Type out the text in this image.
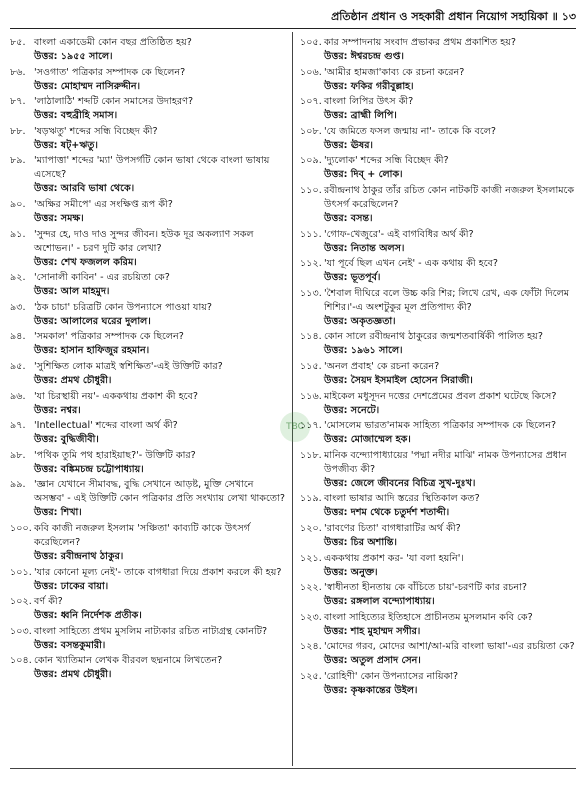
প্রতিষ্ঠান প্রধান ও সহকারী প্রধান নিয়োগ সহায়িকা ॥ ১৩
৮৫. বাংলা একাডেমী কোন বছর প্রতিষ্ঠিত হয়?
উত্তর: ১৯৫৫ সালে।
৮৬. 'সওগাত' পত্রিকার সম্পাদক কে ছিলেন?
উত্তর: মোহাম্মদ নাসিরুদ্দীন।
৮৭. 'লাঠালাঠি' শব্দটি কোন সমাসের উদাহরণ?
উত্তর: বহুব্রীহি সমাস।
৮৮. 'ষড়ঋতু' শব্দের সন্ধি বিচ্ছেদ কী?
উত্তর: ষট্‌+ঋতু।
৮৯. 'ম্যাপাত্তা' শব্দের 'ম্যা' উপসর্গটি কোন ভাষা থেকে বাংলা ভাষায় এসেছে?
উত্তর: আরবি ভাষা থেকে।
৯০. 'অক্ষির সমীপে' এর সংক্ষিপ্ত রূপ কী?
উত্তর: সমক্ষ।
৯১. 'সুন্দর হে, দাও দাও সুন্দর জীবন। হউক দূর অকল্যাণ সকল অশোভন।' - চরণ দুটি কার লেখা?
উত্তর: শেখ ফজলল করিম।
৯২. 'সোনালী কাবিন' - এর রচয়িতা কে?
উত্তর: আল মাহমুদ।
৯৩. 'ঠক চাচা' চরিত্রটি কোন উপন্যাসে পাওয়া যায়?
উত্তর: আলালের ঘরের দুলাল।
৯৪. 'সমকাল' পত্রিকার সম্পাদক কে ছিলেন?
উত্তর: হাসান হাফিজুর রহমান।
৯৫. 'সুশিক্ষিত লোক মাত্রই স্বশিক্ষিত'-এই উক্তিটি কার?
উত্তর: প্রমথ চৌধুরী।
৯৬. 'যা চিরস্থায়ী নয়'- এককথায় প্রকাশ কী হবে?
উত্তর: নশ্বর।
৯৭. 'Intellectual' শব্দের বাংলা অর্থ কী?
উত্তর: বুদ্ধিজীবী।
৯৮. 'পথিক তুমি পথ হারাইয়াছ?'- উক্তিটি কার?
উত্তর: বঙ্কিমচন্দ্র চট্টোপাধ্যায়।
৯৯. 'জ্ঞান যেখানে সীমাবদ্ধ, বুদ্ধি সেখানে আড়ষ্ট, মুক্তি সেখানে অসম্ভব' - এই উক্তিটি কোন পত্রিকার প্রতি সংখ্যায় লেখা থাকতো?
উত্তর: শিখা।
১০০. কবি কাজী নজরুল ইসলাম 'সঞ্চিতা' কাব্যটি কাকে উৎসর্গ করেছিলেন?
উত্তর: রবীন্দ্রনাথ ঠাকুর।
১০১. 'যার কোনো মূল্য নেই'- তাকে বাগধারা দিয়ে প্রকাশ করলে কী হয়?
উত্তর: ঢাকের বায়া।
১০২. বর্ণ কী?
উত্তর: ধ্বনি নির্দেশক প্রতীক।
১০৩. বাংলা সাহিত্যে প্রথম মুসলিম নাট্যকার রচিত নাট্যগ্রন্থ কোনটি?
উত্তর: বসন্তকুমারী।
১০৪. কোন খ্যাতিমান লেখক বীরবল ছদ্মনামে লিখতেন?
উত্তর: প্রমথ চৌধুরী।
১০৫. কার সম্পাদনায় সংবাদ প্রভাকর প্রথম প্রকাশিত হয়?
উত্তর: ঈশ্বরচন্দ্র গুপ্ত।
১০৬. 'আমীর হামজা'কাব্য কে রচনা করেন?
উত্তর: ফকির গরীবুল্লাহ।
১০৭. বাংলা লিপির উৎস কী?
উত্তর: ব্রাহ্মী লিপি।
১০৮. 'যে জমিতে ফসল জন্মায় না'- তাকে কি বলে?
উত্তর: ঊষর।
১০৯. 'দ্যুলোক' শব্দের সন্ধি বিচ্ছেদ কী?
উত্তর: দিব্‌ + লোক।
১১০. রবীন্দ্রনাথ ঠাকুর তাঁর রচিত কোন নাটকটি কাজী নজরুল ইসলামকে উৎসর্গ করেছিলেন?
উত্তর: বসন্ত।
১১১. 'গোফ-খেজুরে'- এই বাগবিধির অর্থ কী?
উত্তর: নিতান্ত অলস।
১১২. 'যা পূর্বে ছিল এখন নেই' - এক কথায় কী হবে?
উত্তর: ভূতপূর্ব।
১১৩. 'শৈবাল দীঘিরে বলে উচ্চ করি শির; লিখে রেখ, এক ফোঁটা দিলেম শিশির।'-এ অংশটুকুর মূল প্রতিপাদ্য কী?
উত্তর: অকৃতজ্ঞতা।
১১৪. কোন সালে রবীন্দ্রনাথ ঠাকুরের জন্মশতবার্ষিকী পালিত হয়?
উত্তর: ১৯৬১ সালে।
১১৫. 'অনল প্রবাহ' কে রচনা করেন?
উত্তর: সৈয়দ ইসমাইল হোসেন সিরাজী।
১১৬. মাইকেল মধুসূদন দত্তের দেশপ্রেমের প্রবল প্রকাশ ঘটেছে কিসে?
উত্তর: সনেটে।
১১৭. 'মোসলেম ভারত'নামক সাহিত্য পত্রিকার সম্পাদক কে ছিলেন?
উত্তর: মোজাম্মেল হক।
১১৮. মানিক বন্দ্যোপাধ্যায়ের 'পদ্মা নদীর মাঝি' নামক উপন্যাসের প্রধান উপজীব্য কী?
উত্তর: জেলে জীবনের বিচিত্র সুখ-দুঃখ।
১১৯. বাংলা ভাষার আদি স্তরের স্থিতিকাল কত?
উত্তর: দশম থেকে চতুর্দশ শতাব্দী।
১২০. 'রাবণের চিতা' বাগধারাটির অর্থ কী?
উত্তর: চির অশান্তি।
১২১. এককথায় প্রকাশ কর- 'যা বলা হয়নি'।
উত্তর: অনুক্ত।
১২২. 'স্বাধীনতা হীনতায় কে বাঁচিতে চায়'-চরণটি কার রচনা?
উত্তর: রঙ্গলাল বন্দ্যোপাধ্যায়।
১২৩. বাংলা সাহিত্যের ইতিহাসে প্রাচীনতম মুসলমান কবি কে?
উত্তর: শাহ মুহাম্মদ সগীর।
১২৪. 'মোদের গরব, মোদের আশা/আ-মরি বাংলা ভাষা'-এর রচয়িতা কে?
উত্তর: অতুল প্রসাদ সেন।
১২৫. 'রোহিণী' কোন উপন্যাসের নায়িকা?
উত্তর: কৃষ্ণকান্তের উইল।
TBC
